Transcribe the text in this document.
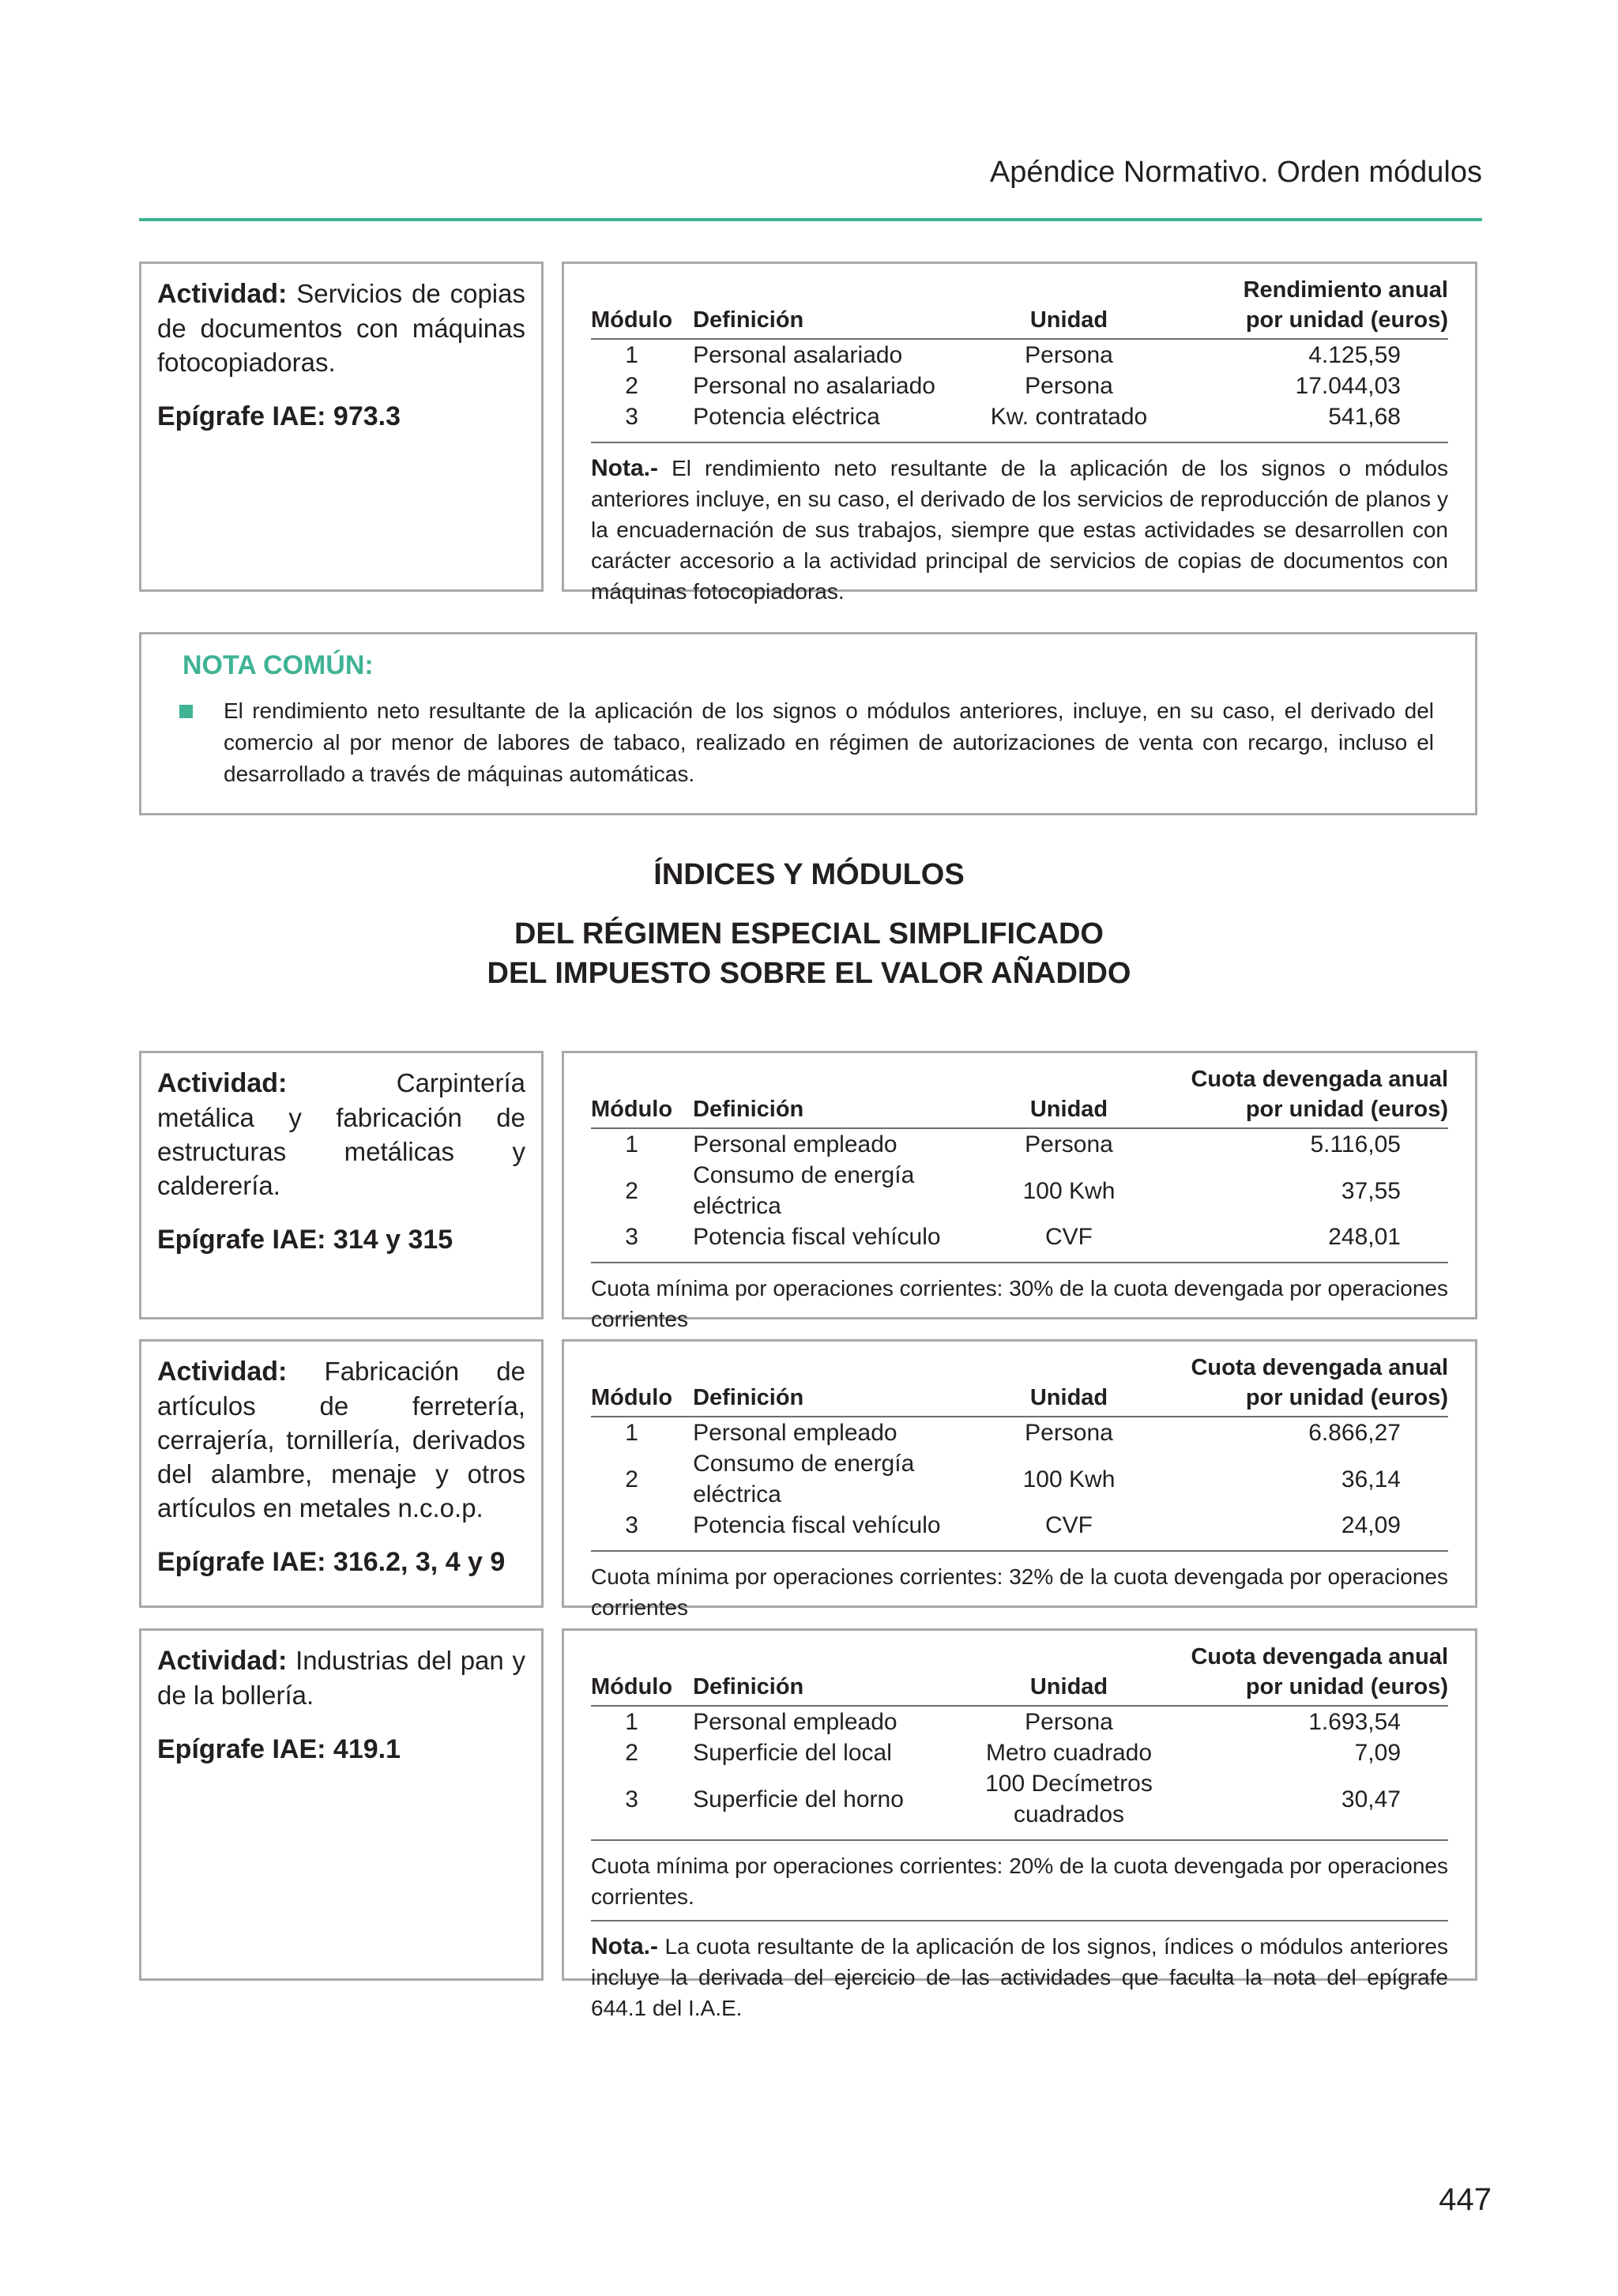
Apéndice Normativo. Orden módulos

Actividad: Servicios de copias de documentos con máquinas fotocopiadoras.

Epígrafe IAE: 973.3
			Rendimiento anual
Módulo	Definición	Unidad	por unidad (euros)
1	Personal asalariado	Persona	4.125,59
2	Personal no asalariado	Persona	17.044,03
3	Potencia eléctrica	Kw. contratado	541,68
Nota.- El rendimiento neto resultante de la aplicación de los signos o módulos anteriores incluye, en su caso, el derivado de los servicios de reproducción de planos y la encuadernación de sus trabajos, siempre que estas actividades se desarrollen con carácter accesorio a la actividad principal de servicios de copias de documentos con máquinas fotocopiadoras.
NOTA COMÚN:
El rendimiento neto resultante de la aplicación de los signos o módulos anteriores, incluye, en su caso, el derivado del comercio al por menor de labores de tabaco, realizado en régimen de autorizaciones de venta con recargo, incluso el desarrollado a través de máquinas automáticas.
ÍNDICES Y MÓDULOS
DEL RÉGIMEN ESPECIAL SIMPLIFICADO
DEL IMPUESTO SOBRE EL VALOR AÑADIDO

Actividad:	Carpintería metálica y fabricación de estructuras metálicas y calderería.

Epígrafe IAE: 314 y 315
			Cuota devengada anual
Módulo	Definición	Unidad	por unidad (euros)
1	Personal empleado	Persona	5.116,05
2	Consumo de energía eléctrica	100 Kwh	37,55
3	Potencia fiscal vehículo	CVF	248,01
Cuota mínima por operaciones corrientes: 30% de la cuota devengada por operaciones corrientes

Actividad: Fabricación de artículos de ferretería, cerrajería, tornillería, derivados del alambre, menaje y otros artículos en metales n.c.o.p.

Epígrafe IAE: 316.2, 3, 4 y 9
			Cuota devengada anual
Módulo	Definición	Unidad	por unidad (euros)
1	Personal empleado	Persona	6.866,27
2	Consumo de energía eléctrica	100 Kwh	36,14
3	Potencia fiscal vehículo	CVF	24,09
Cuota mínima por operaciones corrientes: 32% de la cuota devengada por operaciones corrientes

Actividad: Industrias del pan y de la bollería.

Epígrafe IAE: 419.1
			Cuota devengada anual
Módulo	Definición	Unidad	por unidad (euros)
1	Personal empleado	Persona	1.693,54
2	Superficie del local	Metro cuadrado	7,09
3	Superficie del horno	100 Decímetros cuadrados	30,47
Cuota mínima por operaciones corrientes: 20% de la cuota devengada por operaciones corrientes.
Nota.- La cuota resultante de la aplicación de los signos, índices o módulos anteriores incluye la derivada del ejercicio de las actividades que faculta la nota del epígrafe 644.1 del I.A.E.
447
